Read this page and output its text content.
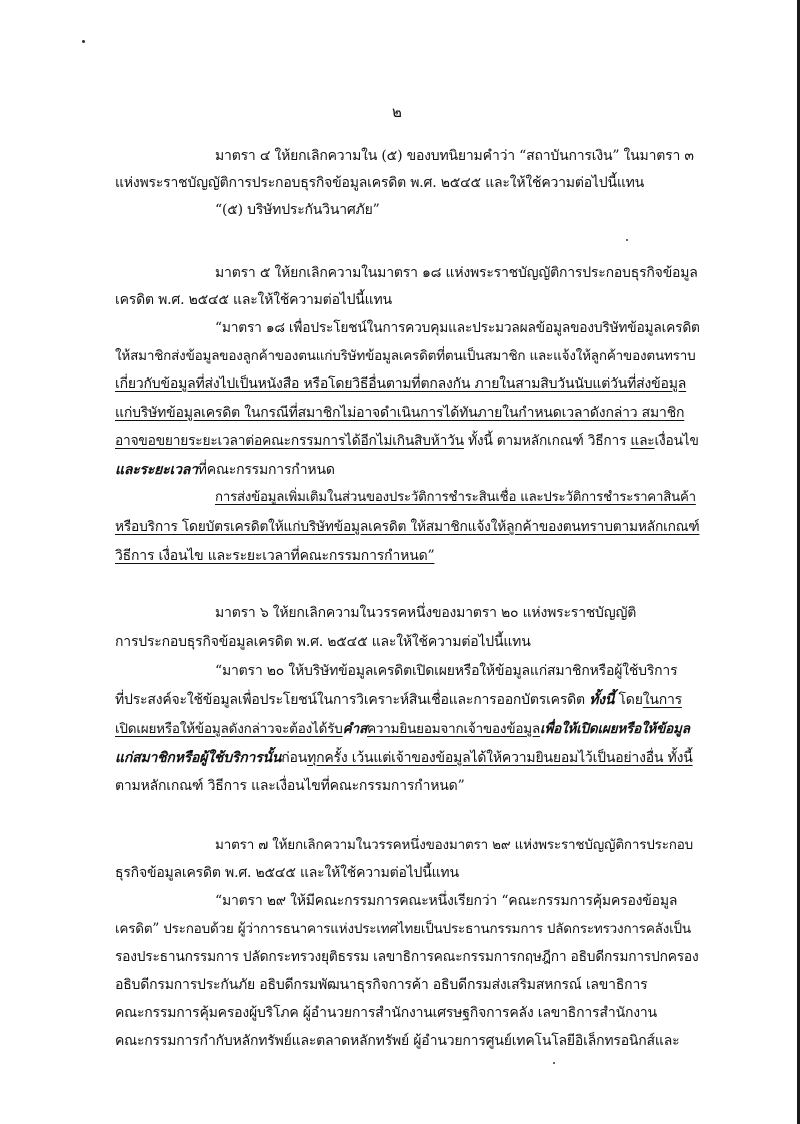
๒
มาตรา ๔ ให้ยกเลิกความใน (๕) ของบทนิยามคำว่า “สถาบันการเงิน” ในมาตรา ๓
แห่งพระราชบัญญัติการประกอบธุรกิจข้อมูลเครดิต พ.ศ. ๒๕๔๕ และให้ใช้ความต่อไปนี้แทน
“(๕) บริษัทประกันวินาศภัย”
มาตรา ๕ ให้ยกเลิกความในมาตรา ๑๘ แห่งพระราชบัญญัติการประกอบธุรกิจข้อมูล
เครดิต พ.ศ. ๒๕๔๕ และให้ใช้ความต่อไปนี้แทน
“มาตรา ๑๘ เพื่อประโยชน์ในการควบคุมและประมวลผลข้อมูลของบริษัทข้อมูลเครดิต
ให้สมาชิกส่งข้อมูลของลูกค้าของตนแก่บริษัทข้อมูลเครดิตที่ตนเป็นสมาชิก และแจ้งให้ลูกค้าของตนทราบ
เกี่ยวกับข้อมูลที่ส่งไปเป็นหนังสือ หรือโดยวิธีอื่นตามที่ตกลงกัน ภายในสามสิบวันนับแต่วันที่ส่งข้อมูล
แก่บริษัทข้อมูลเครดิต ในกรณีที่สมาชิกไม่อาจดำเนินการได้ทันภายในกำหนดเวลาดังกล่าว สมาชิก
อาจขอขยายระยะเวลาต่อคณะกรรมการได้อีกไม่เกินสิบห้าวัน ทั้งนี้ ตามหลักเกณฑ์ วิธีการ และเงื่อนไข
และระยะเวลาที่คณะกรรมการกำหนด
การส่งข้อมูลเพิ่มเติมในส่วนของประวัติการชำระสินเชื่อ และประวัติการชำระราคาสินค้า
หรือบริการ โดยบัตรเครดิตให้แก่บริษัทข้อมูลเครดิต ให้สมาชิกแจ้งให้ลูกค้าของตนทราบตามหลักเกณฑ์
วิธีการ เงื่อนไข และระยะเวลาที่คณะกรรมการกำหนด”
มาตรา ๖ ให้ยกเลิกความในวรรคหนึ่งของมาตรา ๒๐ แห่งพระราชบัญญัติ
การประกอบธุรกิจข้อมูลเครดิต พ.ศ. ๒๕๔๕ และให้ใช้ความต่อไปนี้แทน
“มาตรา ๒๐ ให้บริษัทข้อมูลเครดิตเปิดเผยหรือให้ข้อมูลแก่สมาชิกหรือผู้ใช้บริการ
ที่ประสงค์จะใช้ข้อมูลเพื่อประโยชน์ในการวิเคราะห์สินเชื่อและการออกบัตรเครดิต ทั้งนี้ โดยในการ
เปิดเผยหรือให้ข้อมูลดังกล่าวจะต้องได้รับคำสความยินยอมจากเจ้าของข้อมูลเพื่อให้เปิดเผยหรือให้ข้อมูล
แก่สมาชิกหรือผู้ใช้บริการนั้นก่อนทุกครั้ง เว้นแต่เจ้าของข้อมูลได้ให้ความยินยอมไว้เป็นอย่างอื่น ทั้งนี้
ตามหลักเกณฑ์ วิธีการ และเงื่อนไขที่คณะกรรมการกำหนด”
มาตรา ๗ ให้ยกเลิกความในวรรคหนึ่งของมาตรา ๒๙ แห่งพระราชบัญญัติการประกอบ
ธุรกิจข้อมูลเครดิต พ.ศ. ๒๕๔๕ และให้ใช้ความต่อไปนี้แทน
“มาตรา ๒๙ ให้มีคณะกรรมการคณะหนึ่งเรียกว่า “คณะกรรมการคุ้มครองข้อมูล
เครดิต” ประกอบด้วย ผู้ว่าการธนาคารแห่งประเทศไทยเป็นประธานกรรมการ ปลัดกระทรวงการคลังเป็น
รองประธานกรรมการ ปลัดกระทรวงยุติธรรม เลขาธิการคณะกรรมการกฤษฎีกา อธิบดีกรมการปกครอง
อธิบดีกรมการประกันภัย อธิบดีกรมพัฒนาธุรกิจการค้า อธิบดีกรมส่งเสริมสหกรณ์ เลขาธิการ
คณะกรรมการคุ้มครองผู้บริโภค ผู้อำนวยการสำนักงานเศรษฐกิจการคลัง เลขาธิการสำนักงาน
คณะกรรมการกำกับหลักทรัพย์และตลาดหลักทรัพย์ ผู้อำนวยการศูนย์เทคโนโลยีอิเล็กทรอนิกส์และ
